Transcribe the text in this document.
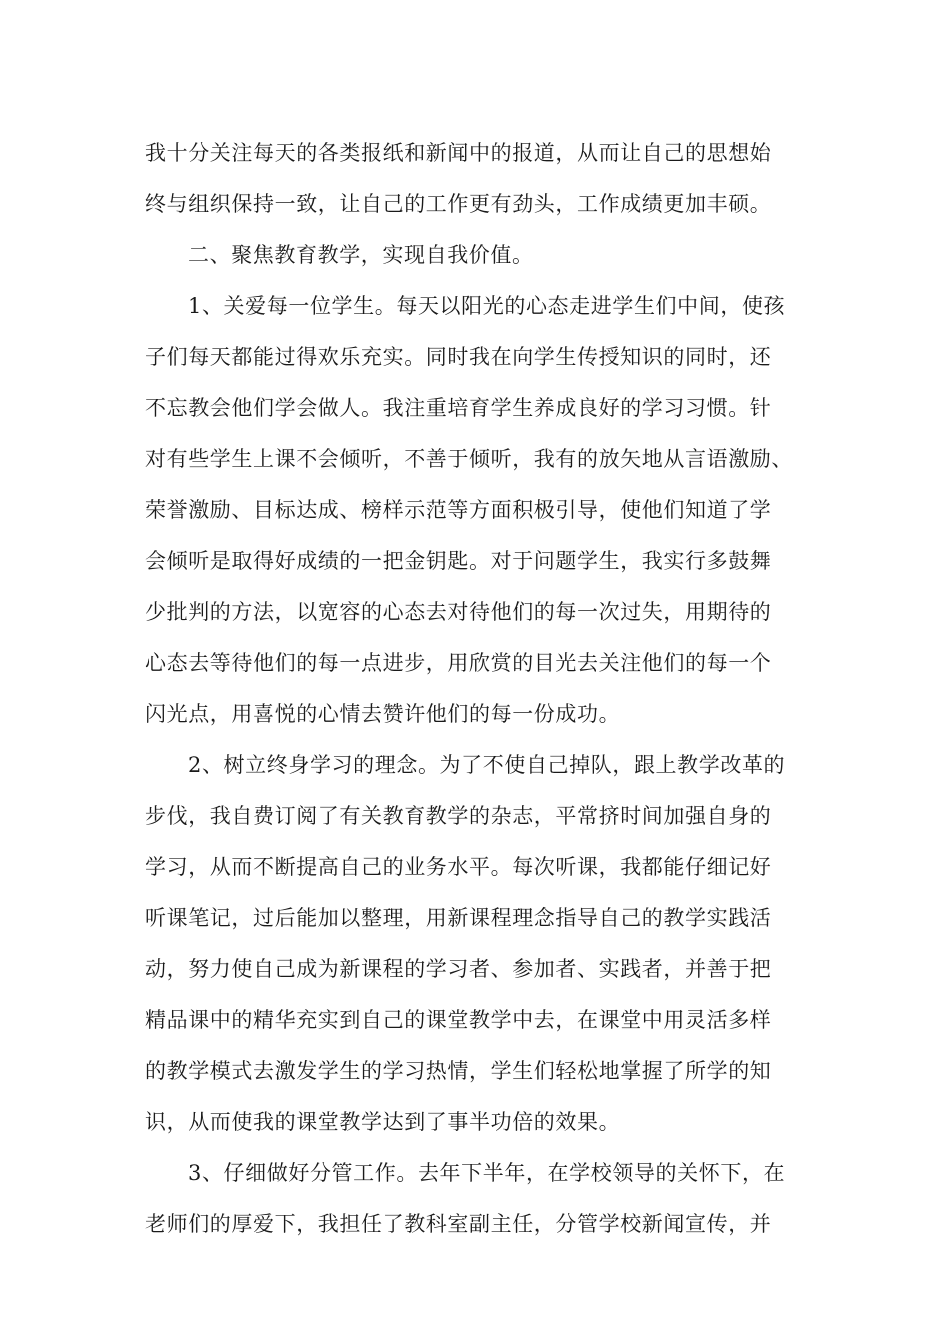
我十分关注每天的各类报纸和新闻中的报道，从而让自己的思想始
终与组织保持一致，让自己的工作更有劲头，工作成绩更加丰硕。
二、聚焦教育教学，实现自我价值。
1、关爱每一位学生。每天以阳光的心态走进学生们中间，使孩
子们每天都能过得欢乐充实。同时我在向学生传授知识的同时，还
不忘教会他们学会做人。我注重培育学生养成良好的学习习惯。针
对有些学生上课不会倾听，不善于倾听，我有的放矢地从言语激励、
荣誉激励、目标达成、榜样示范等方面积极引导，使他们知道了学
会倾听是取得好成绩的一把金钥匙。对于问题学生，我实行多鼓舞
少批判的方法，以宽容的心态去对待他们的每一次过失，用期待的
心态去等待他们的每一点进步，用欣赏的目光去关注他们的每一个
闪光点，用喜悦的心情去赞许他们的每一份成功。
2、树立终身学习的理念。为了不使自己掉队，跟上教学改革的
步伐，我自费订阅了有关教育教学的杂志，平常挤时间加强自身的
学习，从而不断提高自己的业务水平。每次听课，我都能仔细记好
听课笔记，过后能加以整理，用新课程理念指导自己的教学实践活
动，努力使自己成为新课程的学习者、参加者、实践者，并善于把
精品课中的精华充实到自己的课堂教学中去，在课堂中用灵活多样
的教学模式去激发学生的学习热情，学生们轻松地掌握了所学的知
识，从而使我的课堂教学达到了事半功倍的效果。
3、仔细做好分管工作。去年下半年，在学校领导的关怀下，在
老师们的厚爱下，我担任了教科室副主任，分管学校新闻宣传，并
